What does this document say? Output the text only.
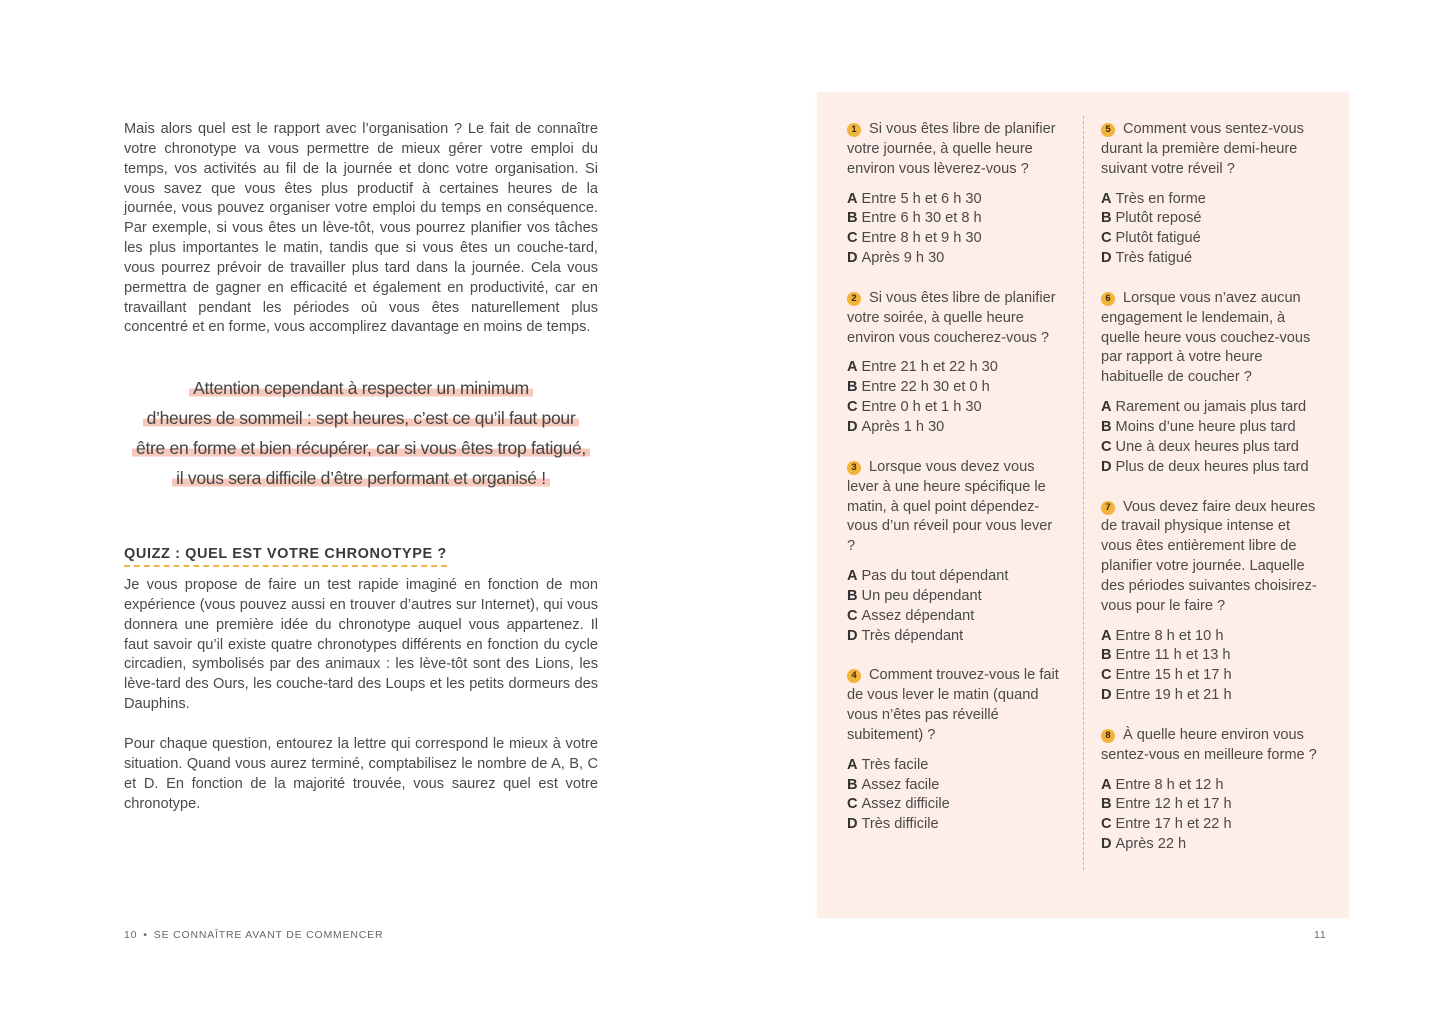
Mais alors quel est le rapport avec l’organisation ? Le fait de connaître votre chronotype va vous permettre de mieux gérer votre emploi du temps, vos activités au fil de la journée et donc votre organisation. Si vous savez que vous êtes plus productif à certaines heures de la journée, vous pouvez organiser votre emploi du temps en conséquence. Par exemple, si vous êtes un lève-tôt, vous pourrez planifier vos tâches les plus importantes le matin, tandis que si vous êtes un couche-tard, vous pourrez prévoir de travailler plus tard dans la journée. Cela vous permettra de gagner en efficacité et également en productivité, car en travaillant pendant les périodes où vous êtes naturellement plus concentré et en forme, vous accomplirez davantage en moins de temps.

Attention cependant à respecter un minimum
d’heures de sommeil : sept heures, c’est ce qu’il faut pour
être en forme et bien récupérer, car si vous êtes trop fatigué,
il vous sera difficile d’être performant et organisé !
QUIZZ : QUEL EST VOTRE CHRONOTYPE ?

Je vous propose de faire un test rapide imaginé en fonction de mon expérience (vous pouvez aussi en trouver d’autres sur Internet), qui vous donnera une première idée du chronotype auquel vous appartenez. Il faut savoir qu’il existe quatre chronotypes différents en fonction du cycle circadien, symbolisés par des animaux : les lève-tôt sont des Lions, les lève-tard des Ours, les couche-tard des Loups et les petits dormeurs des Dauphins.

Pour chaque question, entourez la lettre qui correspond le mieux à votre situation. Quand vous aurez terminé, comptabilisez le nombre de A, B, C et D. En fonction de la majorité trouvée, vous saurez quel est votre chronotype.

10 • SE CONNAÎTRE AVANT DE COMMENCER	11

1 Si vous êtes libre de planifier votre journée, à quelle heure environ vous lèverez-vous ?

A Entre 5 h et 6 h 30
B Entre 6 h 30 et 8 h
C Entre 8 h et 9 h 30
D Après 9 h 30

2 Si vous êtes libre de planifier votre soirée, à quelle heure environ vous coucherez-vous ?

A Entre 21 h et 22 h 30
B Entre 22 h 30 et 0 h
C Entre 0 h et 1 h 30
D Après 1 h 30

3 Lorsque vous devez vous lever à une heure spécifique le matin, à quel point dépendez-vous d’un réveil pour vous lever ?

A Pas du tout dépendant
B Un peu dépendant
C Assez dépendant
D Très dépendant

4 Comment trouvez-vous le fait de vous lever le matin (quand vous n’êtes pas réveillé subitement) ?

A Très facile
B Assez facile
C Assez difficile
D Très difficile

5 Comment vous sentez-vous durant la première demi-heure suivant votre réveil ?

A Très en forme
B Plutôt reposé
C Plutôt fatigué
D Très fatigué

6 Lorsque vous n’avez aucun engagement le lendemain, à quelle heure vous couchez-vous par rapport à votre heure habituelle de coucher ?

A Rarement ou jamais plus tard
B Moins d’une heure plus tard
C Une à deux heures plus tard
D Plus de deux heures plus tard

7 Vous devez faire deux heures de travail physique intense et vous êtes entièrement libre de planifier votre journée. Laquelle des périodes suivantes choisirez-vous pour le faire ?

A Entre 8 h et 10 h
B Entre 11 h et 13 h
C Entre 15 h et 17 h
D Entre 19 h et 21 h

8 À quelle heure environ vous sentez-vous en meilleure forme ?

A Entre 8 h et 12 h
B Entre 12 h et 17 h
C Entre 17 h et 22 h
D Après 22 h
